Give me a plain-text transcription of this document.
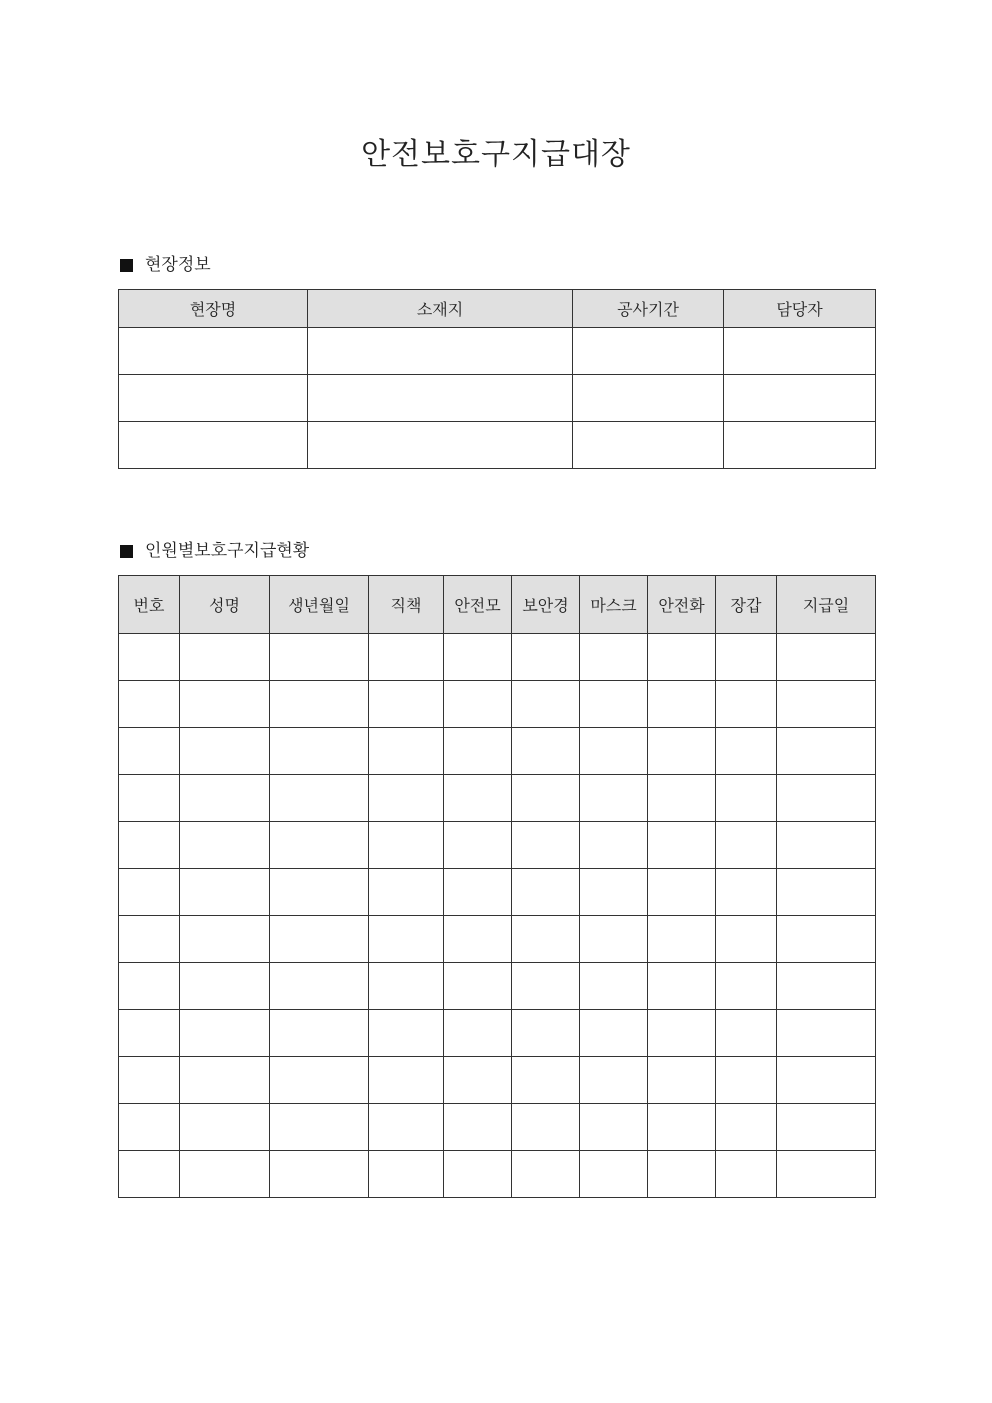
안전보호구지급대장
현장정보
현장명	소재지	공사기간	담당자

인원별보호구지급현황
번호	성명	생년월일	직책	안전모	보안경	마스크	안전화	장갑	지급일
